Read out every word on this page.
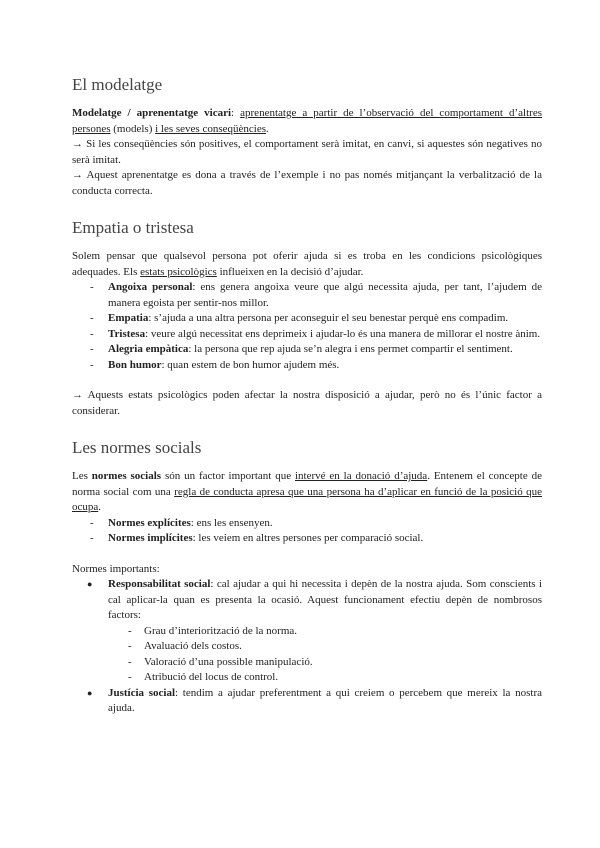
El modelatge

Modelatge / aprenentatge vicari: aprenentatge a partir de l’observació del comportament d’altres persones (models) i les seves conseqüències.

→ Si les conseqüències són positives, el comportament serà imitat, en canvi, si aquestes són negatives no serà imitat.

→ Aquest aprenentatge es dona a través de l’exemple i no pas només mitjançant la verbalització de la conducta correcta.

Empatia o tristesa

Solem pensar que qualsevol persona pot oferir ajuda si es troba en les condicions psicològiques adequades. Els estats psicològics influeixen en la decisió d’ajudar.

- Angoixa personal: ens genera angoixa veure que algú necessita ajuda, per tant, l’ajudem de manera egoista per sentir-nos millor.
- Empatia: s’ajuda a una altra persona per aconseguir el seu benestar perquè ens compadim.
- Tristesa: veure algú necessitat ens deprimeix i ajudar-lo és una manera de millorar el nostre ànim.
- Alegria empàtica: la persona que rep ajuda se’n alegra i ens permet compartir el sentiment.
- Bon humor: quan estem de bon humor ajudem més.

→ Aquests estats psicològics poden afectar la nostra disposició a ajudar, però no és l’únic factor a considerar.

Les normes socials

Les normes socials són un factor important que intervé en la donació d’ajuda. Entenem el concepte de norma social com una regla de conducta apresa que una persona ha d’aplicar en funció de la posició que ocupa.

- Normes explícites: ens les ensenyen.
- Normes implícites: les veiem en altres persones per comparació social.

Normes importants:

● Responsabilitat social: cal ajudar a qui hi necessita i depèn de la nostra ajuda. Som conscients i cal aplicar-la quan es presenta la ocasió. Aquest funcionament efectiu depèn de nombrosos factors:
- Grau d’interiorització de la norma.
- Avaluació dels costos.
- Valoració d’una possible manipulació.
- Atribució del locus de control.
● Justícia social: tendim a ajudar preferentment a qui creiem o percebem que mereix la nostra ajuda.
